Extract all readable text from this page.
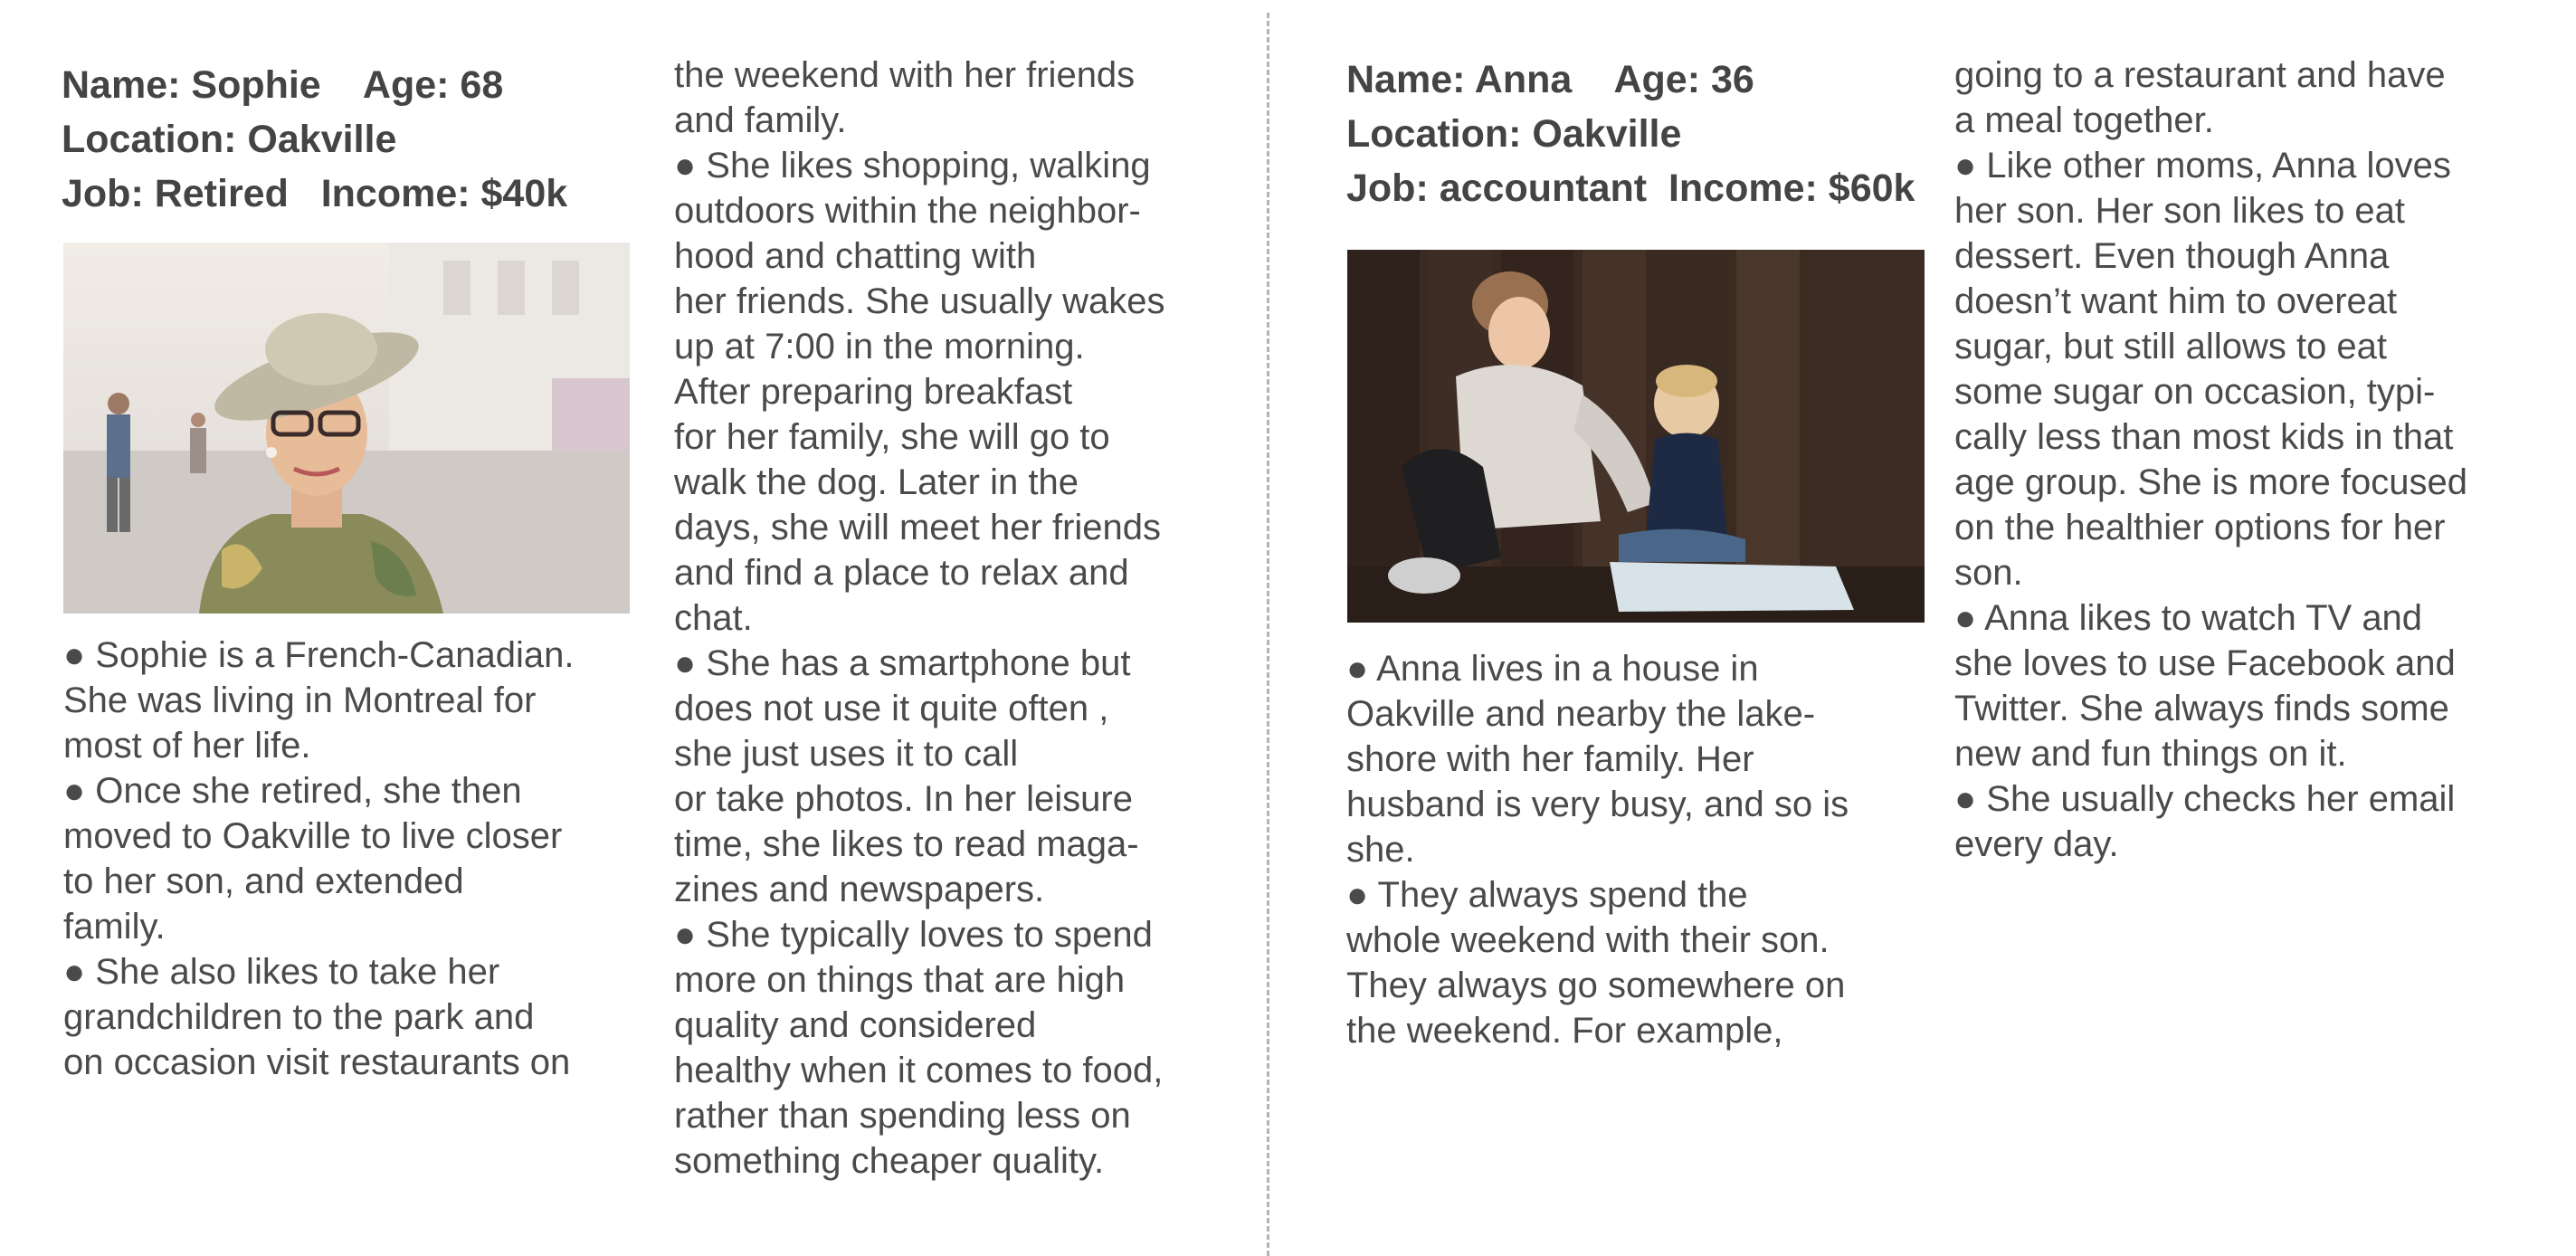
Name: Sophie    Age: 68
Location: Oakville
Job: Retired   Income: $40k
● Sophie is a French-Canadian.
She was living in Montreal for
most of her life.
● Once she retired, she then
moved to Oakville to live closer
to her son, and extended
family.
● She also likes to take her
grandchildren to the park and
on occasion visit restaurants on
the weekend with her friends
and family.
● She likes shopping, walking
outdoors within the neighbor-
hood and chatting with
her friends. She usually wakes
up at 7:00 in the morning.
After preparing breakfast
for her family, she will go to
walk the dog. Later in the
days, she will meet her friends
and find a place to relax and
chat.
● She has a smartphone but
does not use it quite often ,
she just uses it to call
or take photos. In her leisure
time, she likes to read maga-
zines and newspapers.
● She typically loves to spend
more on things that are high
quality and considered
healthy when it comes to food,
rather than spending less on
something cheaper quality.
Name: Anna    Age: 36
Location: Oakville
Job: accountant  Income: $60k
● Anna lives in a house in
Oakville and nearby the lake-
shore with her family. Her
husband is very busy, and so is
she.
● They always spend the
whole weekend with their son.
They always go somewhere on
the weekend. For example,
going to a restaurant and have
a meal together.
● Like other moms, Anna loves
her son. Her son likes to eat
dessert. Even though Anna
doesn’t want him to overeat
sugar, but still allows to eat
some sugar on occasion, typi-
cally less than most kids in that
age group. She is more focused
on the healthier options for her
son.
● Anna likes to watch TV and
she loves to use Facebook and
Twitter. She always finds some
new and fun things on it.
● She usually checks her email
every day.
